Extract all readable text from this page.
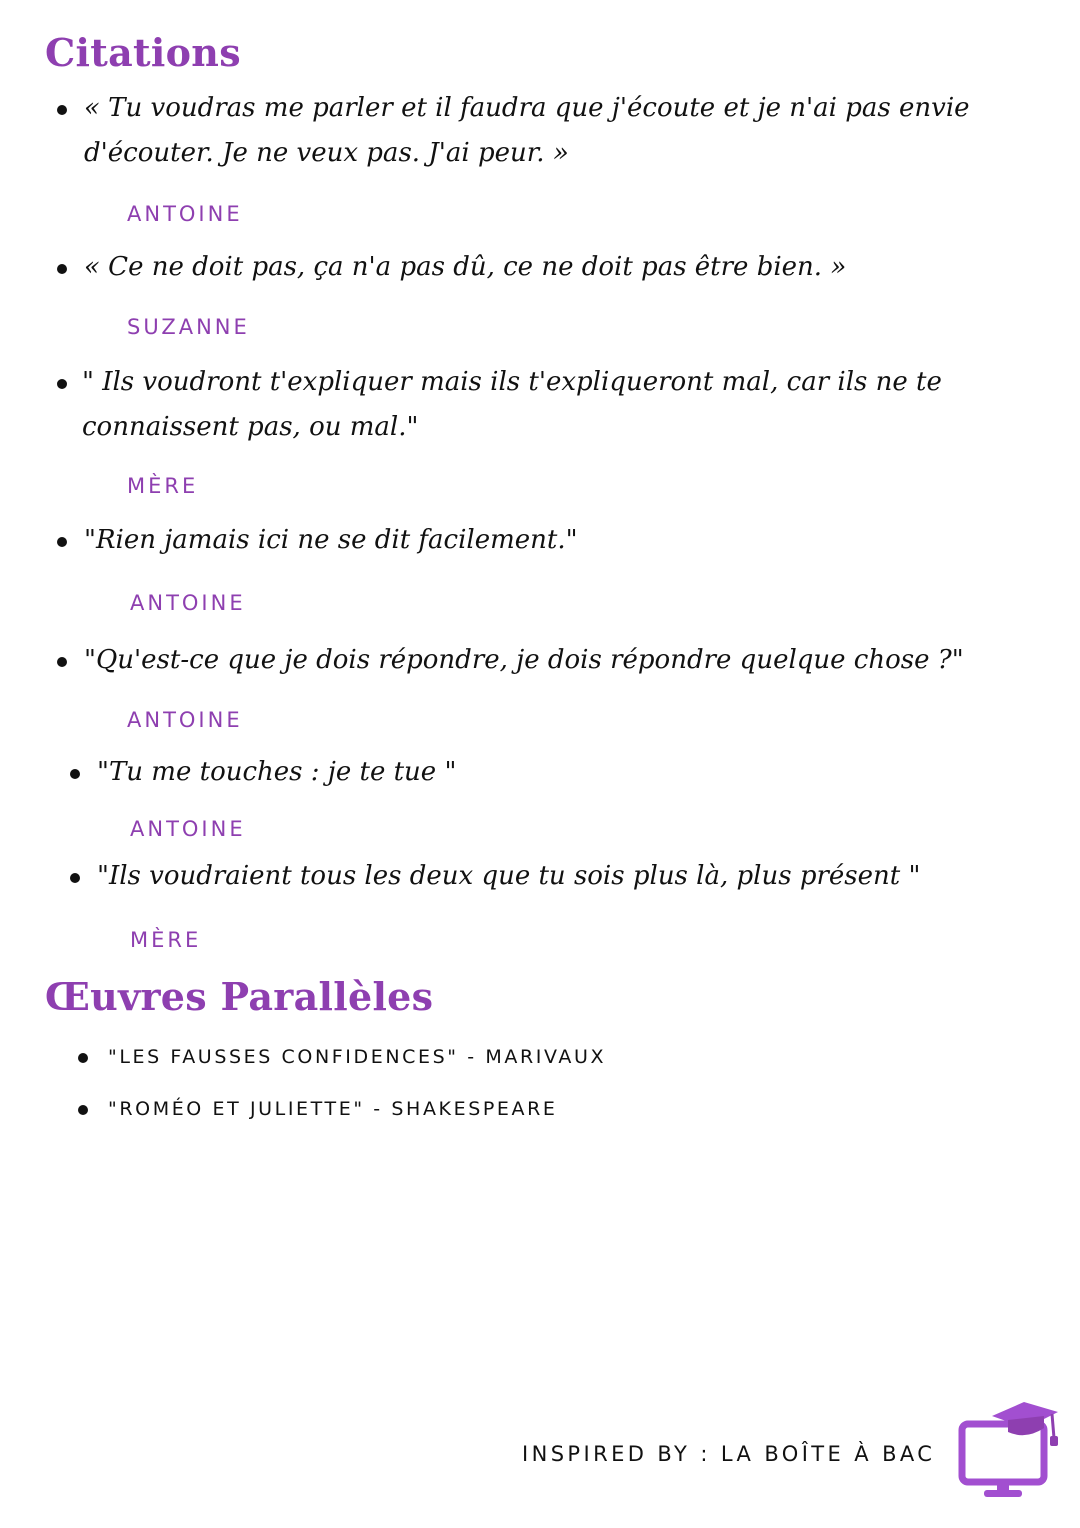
Citations
« Tu voudras me parler et il faudra que j'écoute et je n'ai pas envie d'écouter. Je ne veux pas. J'ai peur. »
ANTOINE
« Ce ne doit pas, ça n'a pas dû, ce ne doit pas être bien. »
SUZANNE
" Ils voudront t'expliquer mais ils t'expliqueront mal, car ils ne te connaissent pas, ou mal."
MÈRE
"Rien jamais ici ne se dit facilement."
ANTOINE
"Qu'est-ce que je dois répondre, je dois répondre quelque chose ?"
ANTOINE
"Tu me touches : je te tue "
ANTOINE
"Ils voudraient tous les deux que tu sois plus là, plus présent "
MÈRE
Œuvres Parallèles
"LES FAUSSES CONFIDENCES" - MARIVAUX
"ROMÉO ET JULIETTE" - SHAKESPEARE
INSPIRED BY : LA BOÎTE À BAC
